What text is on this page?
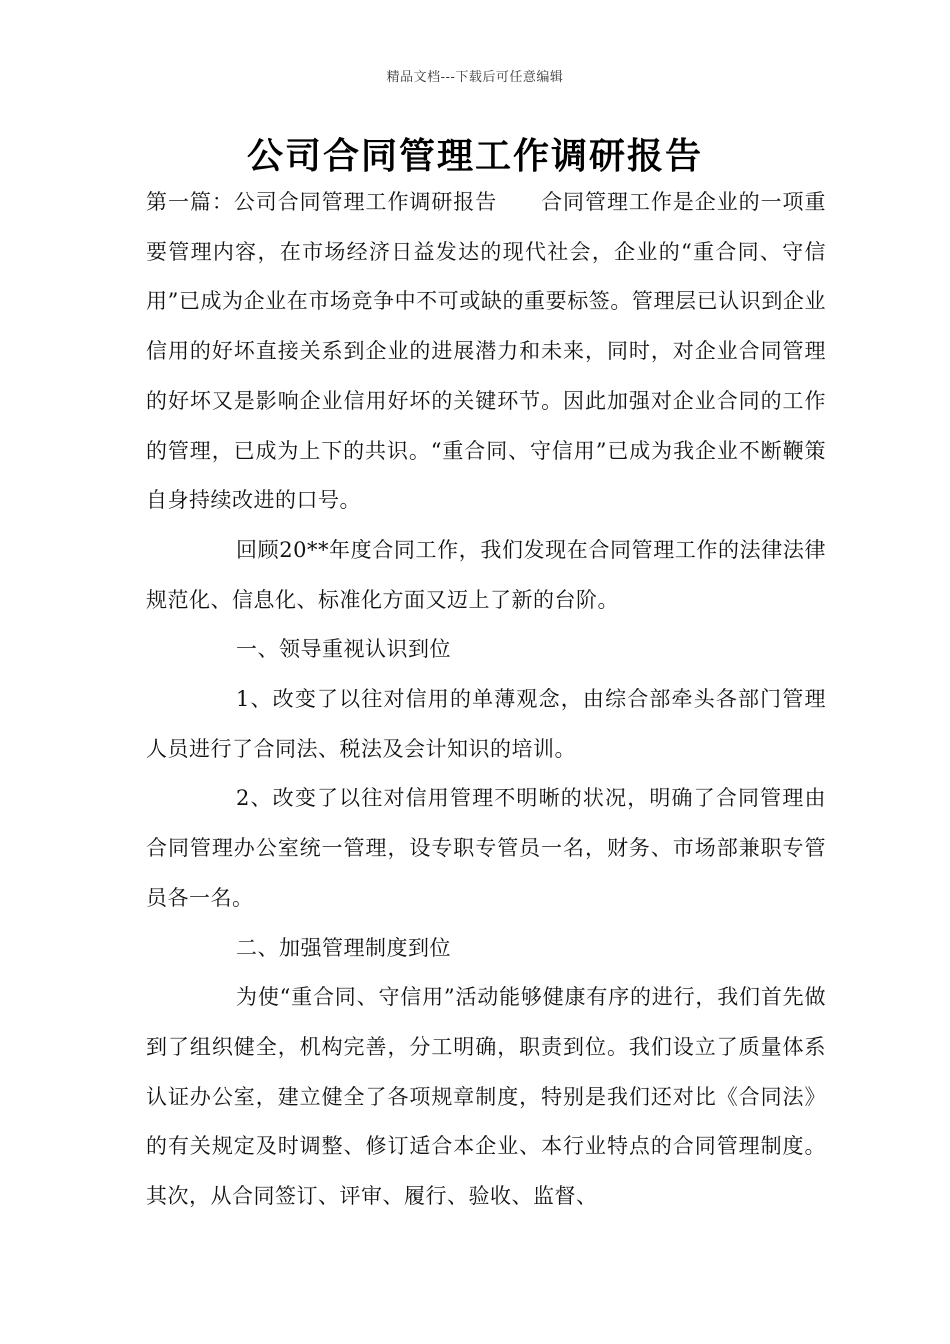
精品文档---下载后可任意编辑
公司合同管理工作调研报告

第一篇：公司合同管理工作调研报告　　合同管理工作是企业的一项重要管理内容，在市场经济日益发达的现代社会，企业的“重合同、守信用”已成为企业在市场竞争中不可或缺的重要标签。管理层已认识到企业信用的好坏直接关系到企业的进展潜力和未来，同时，对企业合同管理的好坏又是影响企业信用好坏的关键环节。因此加强对企业合同的工作的管理，已成为上下的共识。“重合同、守信用”已成为我企业不断鞭策自身持续改进的口号。

回顾20**年度合同工作，我们发现在合同管理工作的法律法律规范化、信息化、标准化方面又迈上了新的台阶。

一、领导重视认识到位

1、改变了以往对信用的单薄观念，由综合部牵头各部门管理人员进行了合同法、税法及会计知识的培训。

2、改变了以往对信用管理不明晰的状况，明确了合同管理由合同管理办公室统一管理，设专职专管员一名，财务、市场部兼职专管员各一名。

二、加强管理制度到位

为使“重合同、守信用”活动能够健康有序的进行，我们首先做到了组织健全，机构完善，分工明确，职责到位。我们设立了质量体系认证办公室，建立健全了各项规章制度，特别是我们还对比《合同法》的有关规定及时调整、修订适合本企业、本行业特点的合同管理制度。其次，从合同签订、评审、履行、验收、监督、
